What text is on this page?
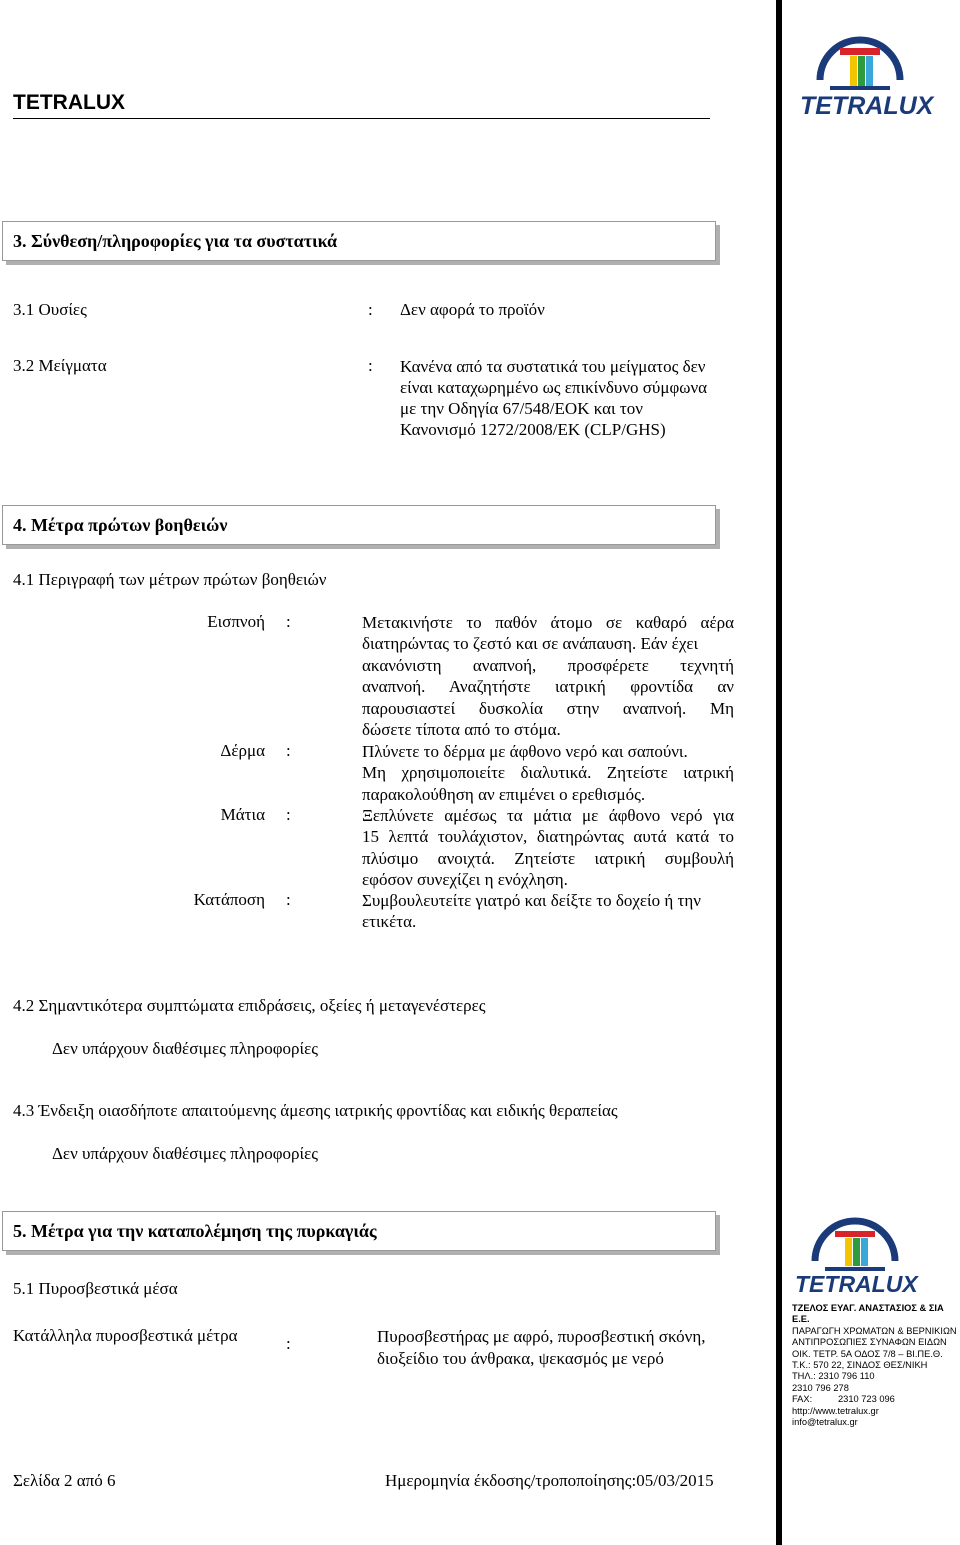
TETRALUX	TETRALUX
3. Σύνθεση/πληροφορίες για τα συστατικά
3.1 Ουσίες	: Δεν αφορά το προϊόν
3.2 Μείγματα	: Κανένα από τα συστατικά του μείγματος δεν
είναι καταχωρημένο ως επικίνδυνο σύμφωνα
με την Οδηγία 67/548/ΕΟΚ και τον
Κανονισμό 1272/2008/ΕΚ (CLP/GHS)
4. Μέτρα πρώτων βοηθειών
4.1 Περιγραφή των μέτρων πρώτων βοηθειών
Εισπνοή :	Μετακινήστε το παθόν άτομο σε καθαρό αέρα
διατηρώντας το ζεστό και σε ανάπαυση. Εάν έχει
ακανόνιστη αναπνοή, προσφέρετε τεχνητή
αναπνοή. Αναζητήστε ιατρική φροντίδα αν
παρουσιαστεί δυσκολία στην αναπνοή. Μη
δώσετε τίποτα από το στόμα.
Δέρμα :	Πλύνετε το δέρμα με άφθονο νερό και σαπούνι.
Μη χρησιμοποιείτε διαλυτικά. Ζητείστε ιατρική
παρακολούθηση αν επιμένει ο ερεθισμός.
Μάτια :	Ξεπλύνετε αμέσως τα μάτια με άφθονο νερό για
15 λεπτά τουλάχιστον, διατηρώντας αυτά κατά το
πλύσιμο ανοιχτά. Ζητείστε ιατρική συμβουλή
εφόσον συνεχίζει η ενόχληση.
Κατάποση :	Συμβουλευτείτε γιατρό και δείξτε το δοχείο ή την
ετικέτα.
4.2 Σημαντικότερα συμπτώματα επιδράσεις, οξείες ή μεταγενέστερες
Δεν υπάρχουν διαθέσιμες πληροφορίες
4.3 Ένδειξη οιασδήποτε απαιτούμενης άμεσης ιατρικής φροντίδας και ειδικής θεραπείας
Δεν υπάρχουν διαθέσιμες πληροφορίες
5. Μέτρα για την καταπολέμηση της πυρκαγιάς
5.1 Πυροσβεστικά μέσα
Κατάλληλα πυροσβεστικά μέτρα	:	Πυροσβεστήρας με αφρό, πυροσβεστική σκόνη,
διοξείδιο του άνθρακα, ψεκασμός με νερό
TETRALUX
ΤΖΕΛΟΣ ΕΥΑΓ. ΑΝΑΣΤΑΣΙΟΣ & ΣΙΑ
Ε.Ε.
ΠΑΡΑΓΩΓΗ ΧΡΩΜΑΤΩΝ & ΒΕΡΝΙΚΙΩΝ
ΑΝΤΙΠΡΟΣΩΠΙΕΣ ΣΥΝΑΦΩΝ ΕΙΔΩΝ
ΟΙΚ. ΤΕΤΡ. 5Α ΟΔΟΣ 7/8 – ΒΙ.ΠΕ.Θ.
Τ.Κ.: 570 22, ΣΙΝΔΟΣ ΘΕΣ/ΝΙΚΗ
ΤΗΛ.: 2310 796 110
2310 796 278
FAX:          2310 723 096
http://www.tetralux.gr
info@tetralux.gr
Σελίδα 2 από 6	Ημερομηνία έκδοσης/τροποποίησης:05/03/2015
